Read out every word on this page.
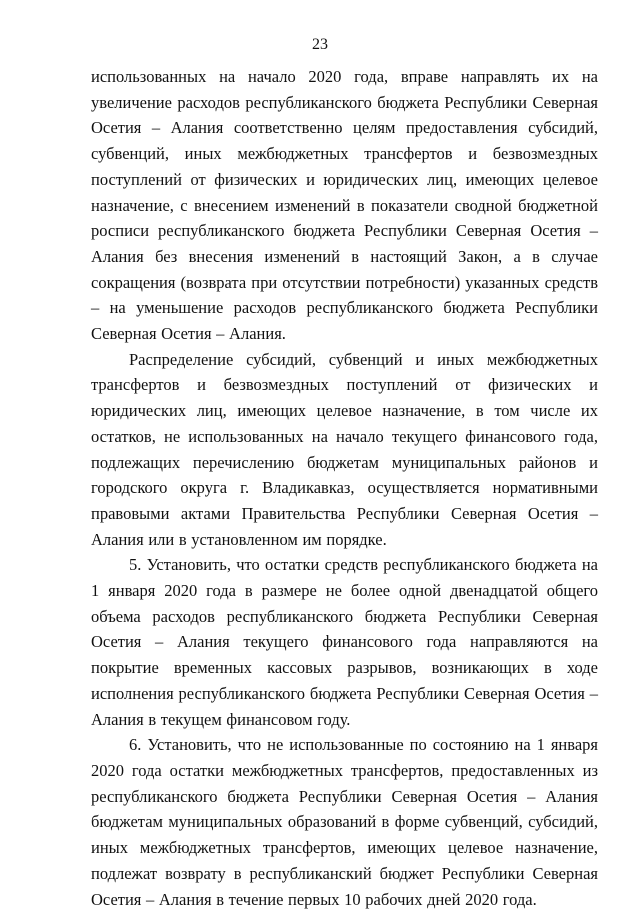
23

использованных на начало 2020 года, вправе направлять их на увеличение расходов республиканского бюджета Республики Северная Осетия – Алания соответственно целям предоставления субсидий, субвенций, иных межбюджетных трансфертов и безвозмездных поступлений от физических и юридических лиц, имеющих целевое назначение, с внесением изменений в показатели сводной бюджетной росписи республиканского бюджета Республики Северная Осетия – Алания без внесения изменений в настоящий Закон, а в случае сокращения (возврата при отсутствии потребности) указанных средств – на уменьшение расходов республиканского бюджета Республики Северная Осетия – Алания.

Распределение субсидий, субвенций и иных межбюджетных трансфертов и безвозмездных поступлений от физических и юридических лиц, имеющих целевое назначение, в том числе их остатков, не использованных на начало текущего финансового года, подлежащих перечислению бюджетам муниципальных районов и городского округа г. Владикавказ, осуществляется нормативными правовыми актами Правительства Республики Северная Осетия – Алания или в установленном им порядке.

5. Установить, что остатки средств республиканского бюджета на 1 января 2020 года в размере не более одной двенадцатой общего объема расходов республиканского бюджета Республики Северная Осетия – Алания текущего финансового года направляются на покрытие временных кассовых разрывов, возникающих в ходе исполнения республиканского бюджета Республики Северная Осетия – Алания в текущем финансовом году.

6. Установить, что не использованные по состоянию на 1 января 2020 года остатки межбюджетных трансфертов, предоставленных из республиканского бюджета Республики Северная Осетия – Алания бюджетам муниципальных образований в форме субвенций, субсидий, иных межбюджетных трансфертов, имеющих целевое назначение, подлежат возврату в республиканский бюджет Республики Северная Осетия – Алания в течение первых 10 рабочих дней 2020 года.
